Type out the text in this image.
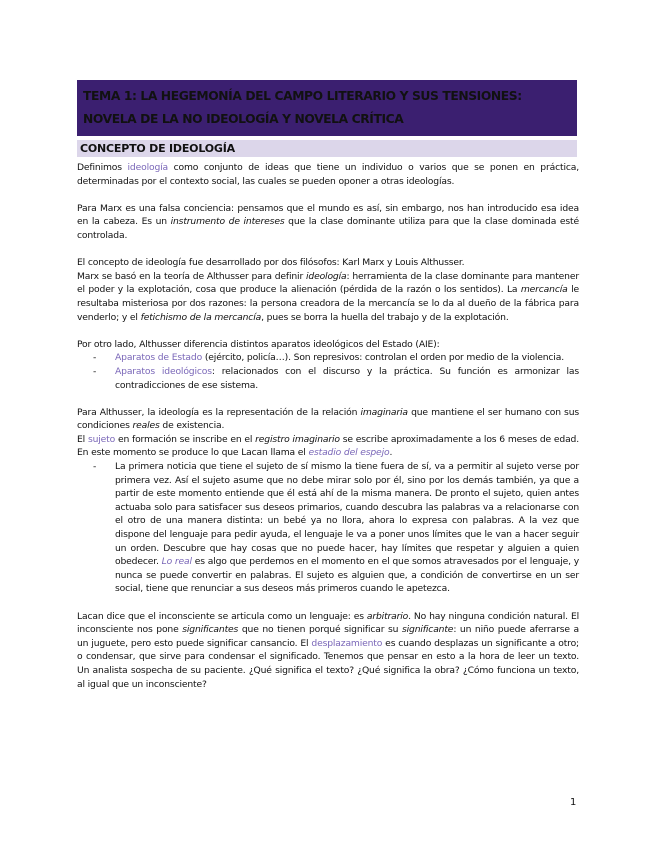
TEMA 1: LA HEGEMONÍA DEL CAMPO LITERARIO Y SUS TENSIONES:
NOVELA DE LA NO IDEOLOGÍA Y NOVELA CRÍTICA
CONCEPTO DE IDEOLOGÍA

Definimos ideología como conjunto de ideas que tiene un individuo o varios que se ponen en práctica, determinadas por el contexto social, las cuales se pueden oponer a otras ideologías.

Para Marx es una falsa conciencia: pensamos que el mundo es así, sin embargo, nos han introducido esa idea en la cabeza. Es un instrumento de intereses que la clase dominante utiliza para que la clase dominada esté controlada.

El concepto de ideología fue desarrollado por dos filósofos: Karl Marx y Louis Althusser.

Marx se basó en la teoría de Althusser para definir ideología: herramienta de la clase dominante para mantener el poder y la explotación, cosa que produce la alienación (pérdida de la razón o los sentidos). La mercancía le resultaba misteriosa por dos razones: la persona creadora de la mercancía se lo da al dueño de la fábrica para venderlo; y el fetichismo de la mercancía, pues se borra la huella del trabajo y de la explotación.

Por otro lado, Althusser diferencia distintos aparatos ideológicos del Estado (AIE):

- Aparatos de Estado (ejército, policía…). Son represivos: controlan el orden por medio de la violencia.
- Aparatos ideológicos: relacionados con el discurso y la práctica. Su función es armonizar las contradicciones de ese sistema.

Para Althusser, la ideología es la representación de la relación imaginaria que mantiene el ser humano con sus condiciones reales de existencia.

El sujeto en formación se inscribe en el registro imaginario se escribe aproximadamente a los 6 meses de edad. En este momento se produce lo que Lacan llama el estadio del espejo.

- La primera noticia que tiene el sujeto de sí mismo la tiene fuera de sí, va a permitir al sujeto verse por primera vez. Así el sujeto asume que no debe mirar solo por él, sino por los demás también, ya que a partir de este momento entiende que él está ahí de la misma manera. De pronto el sujeto, quien antes actuaba solo para satisfacer sus deseos primarios, cuando descubra las palabras va a relacionarse con el otro de una manera distinta: un bebé ya no llora, ahora lo expresa con palabras. A la vez que dispone del lenguaje para pedir ayuda, el lenguaje le va a poner unos límites que le van a hacer seguir un orden. Descubre que hay cosas que no puede hacer, hay límites que respetar y alguien a quien obedecer. Lo real es algo que perdemos en el momento en el que somos atravesados por el lenguaje, y nunca se puede convertir en palabras. El sujeto es alguien que, a condición de convertirse en un ser social, tiene que renunciar a sus deseos más primeros cuando le apetezca.

Lacan dice que el inconsciente se articula como un lenguaje: es arbitrario. No hay ninguna condición natural. El inconsciente nos pone significantes que no tienen porqué significar su significante: un niño puede aferrarse a un juguete, pero esto puede significar cansancio. El desplazamiento es cuando desplazas un significante a otro; o condensar, que sirve para condensar el significado. Tenemos que pensar en esto a la hora de leer un texto. Un analista sospecha de su paciente. ¿Qué significa el texto? ¿Qué significa la obra? ¿Cómo funciona un texto, al igual que un inconsciente?

1
